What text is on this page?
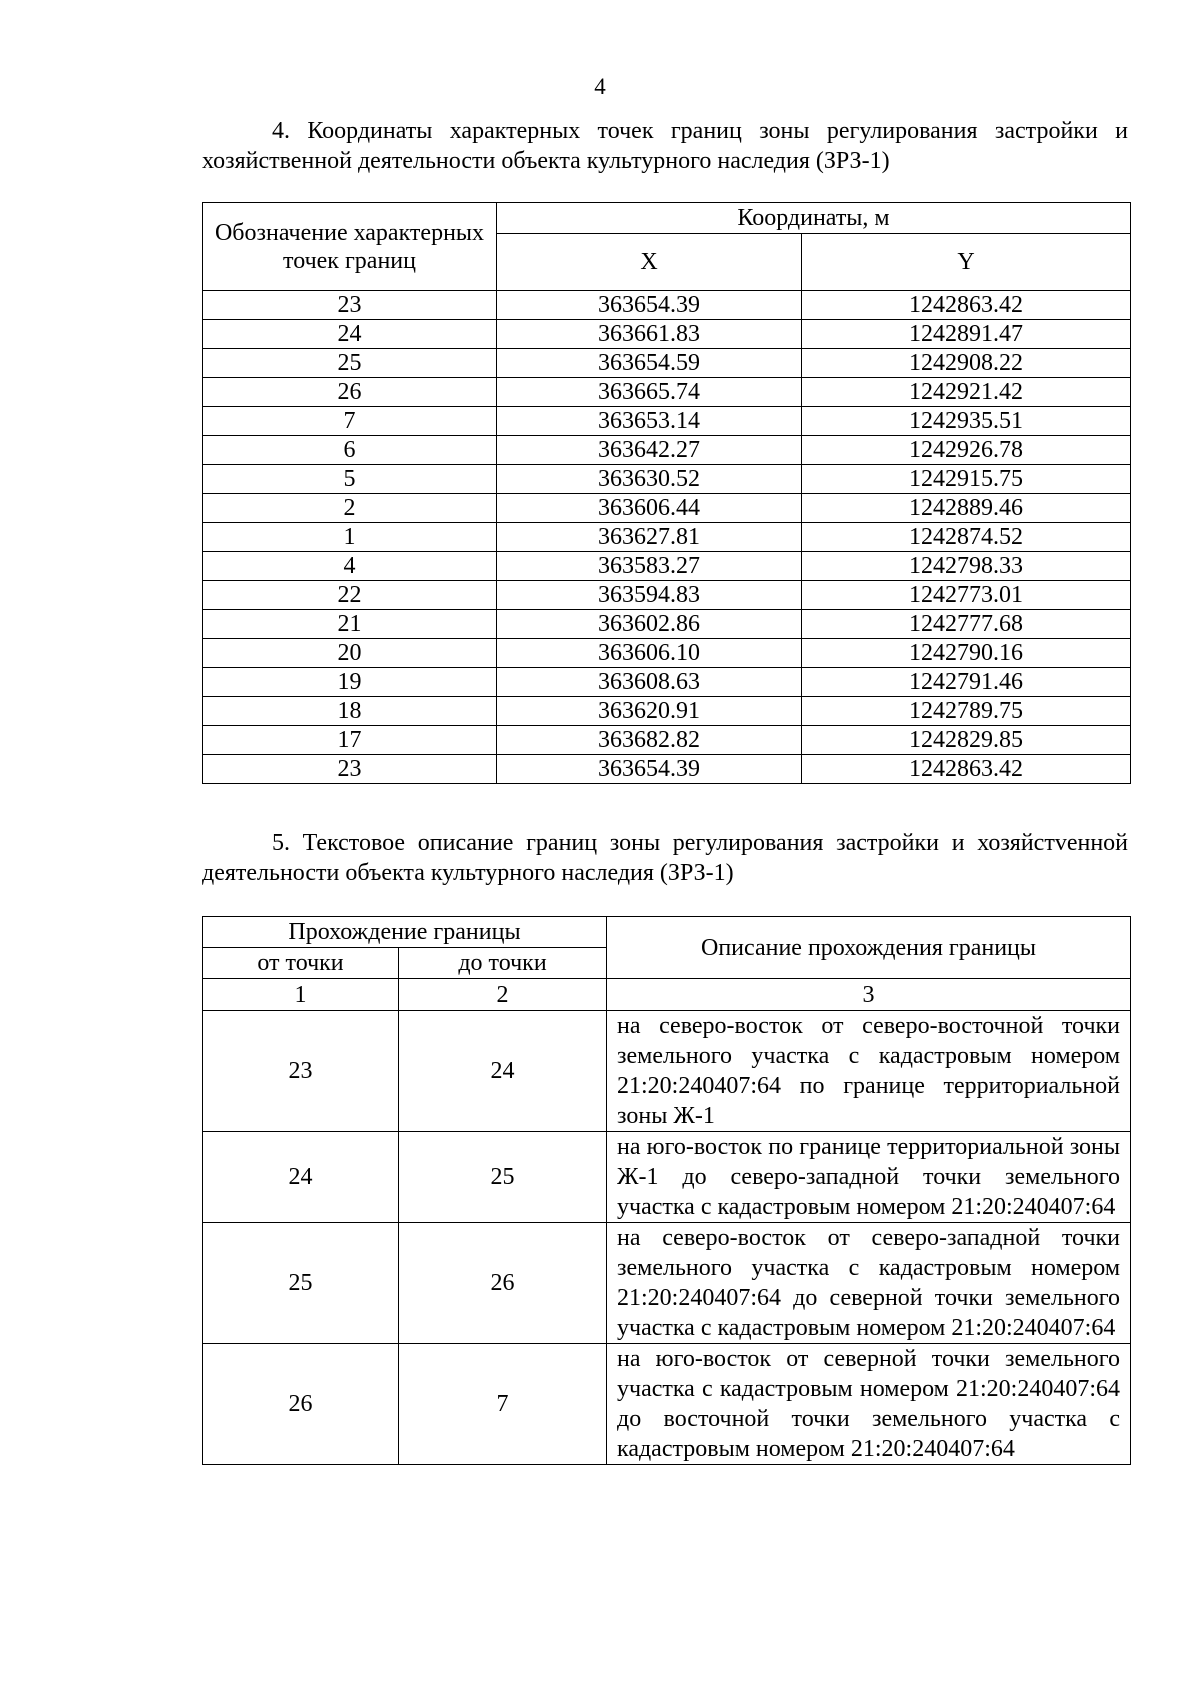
4
4. Координаты характерных точек границ зоны регулирования застройки и хозяйственной деятельности объекта культурного наследия (ЗРЗ-1)
Обозначение характерных точек границ	Координаты, м	
	X	Y
23	363654.39	1242863.42
24	363661.83	1242891.47
25	363654.59	1242908.22
26	363665.74	1242921.42
7	363653.14	1242935.51
6	363642.27	1242926.78
5	363630.52	1242915.75
2	363606.44	1242889.46
1	363627.81	1242874.52
4	363583.27	1242798.33
22	363594.83	1242773.01
21	363602.86	1242777.68
20	363606.10	1242790.16
19	363608.63	1242791.46
18	363620.91	1242789.75
17	363682.82	1242829.85
23	363654.39	1242863.42
5. Текстовое описание границ зоны регулирования застройки и хозяйстvенной деятельности объекта культурного наследия (ЗРЗ-1)
Прохождение границы		Описание прохождения границы
от точки	до точки	
1	2	3
23	24	на северо-восток от северо-восточной точки земельного участка с кадастровым номером 21:20:240407:64 по границе территориальной зоны Ж-1
24	25	на юго-восток по границе территориальной зоны Ж-1 до северо-западной точки земельного участка с кадастровым номером 21:20:240407:64
25	26	на северо-восток от северо-западной точки земельного участка с кадастровым номером 21:20:240407:64 до северной точки земельного участка с кадастровым номером 21:20:240407:64
26	7	на юго-восток от северной точки земельного участка с кадастровым номером 21:20:240407:64 до восточной точки земельного участка с кадастровым номером 21:20:240407:64
